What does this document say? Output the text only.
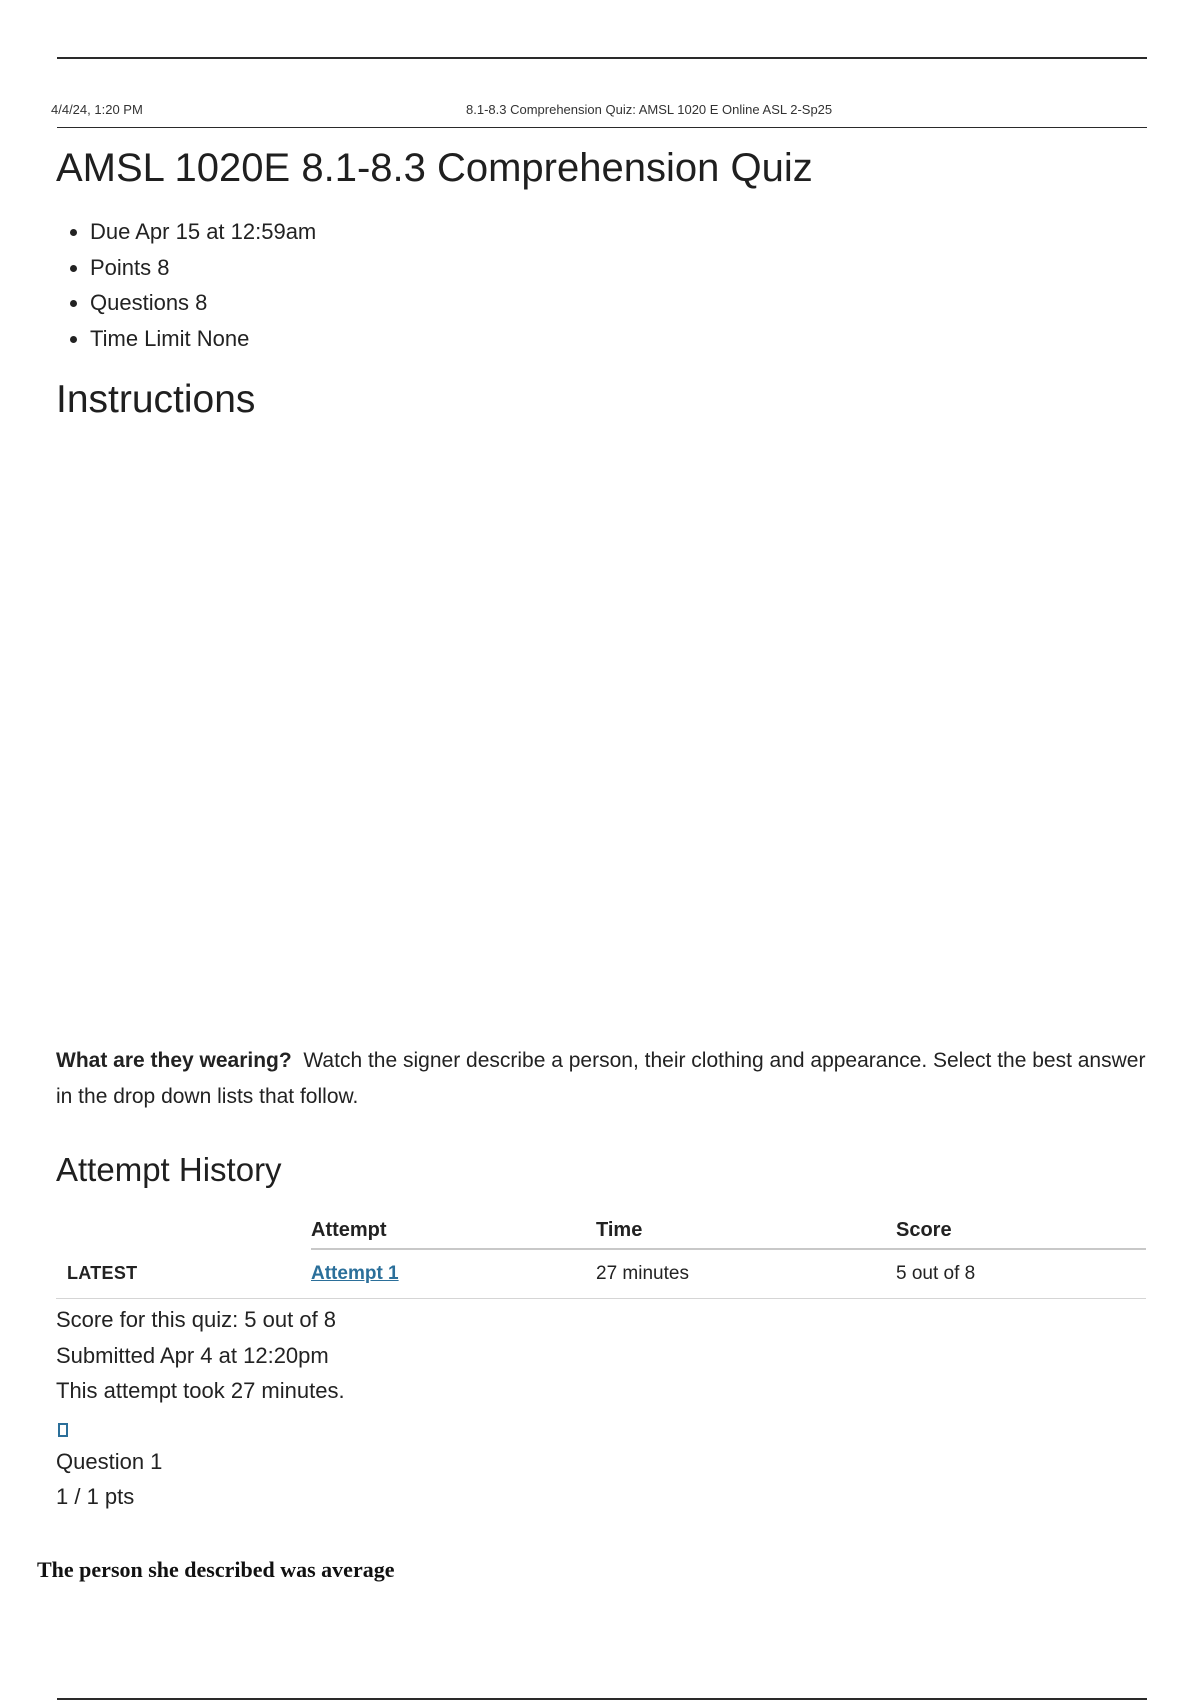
4/4/24, 1:20 PM	8.1-8.3 Comprehension Quiz: AMSL 1020 E Online ASL 2-Sp25
AMSL 1020E 8.1-8.3 Comprehension Quiz
• Due Apr 15 at 12:59am
• Points 8
• Questions 8
• Time Limit None
Instructions

What are they wearing? Watch the signer describe a person, their clothing and appearance. Select the best answer in the drop down lists that follow.

Attempt History
	Attempt	Time	Score
LATEST	Attempt 1	27 minutes	5 out of 8
Score for this quiz: 5 out of 8
Submitted Apr 4 at 12:20pm
This attempt took 27 minutes.
Question 1
1 / 1 pts
The person she described was average
